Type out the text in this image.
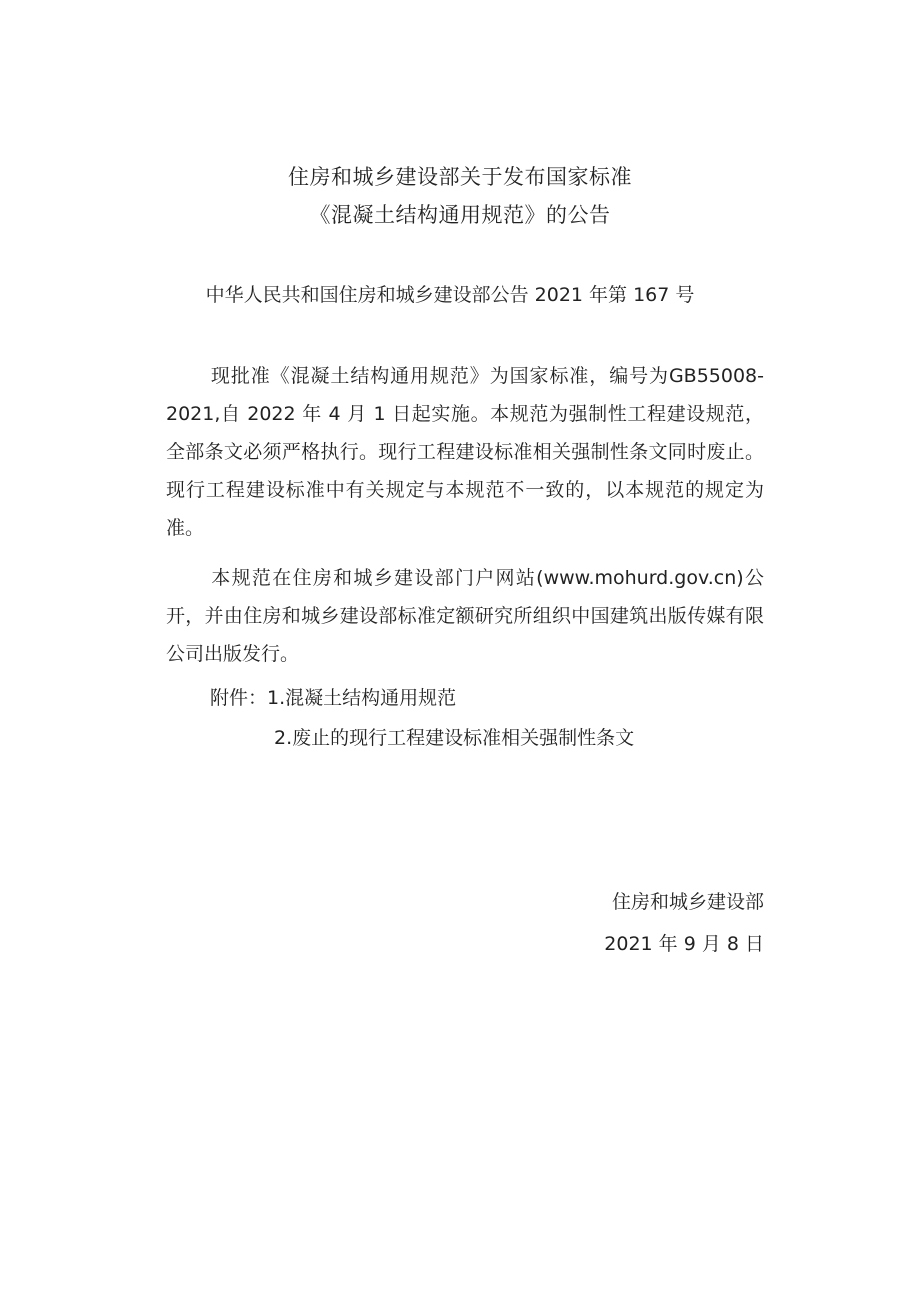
住房和城乡建设部关于发布国家标准
《混凝土结构通用规范》的公告
中华人民共和国住房和城乡建设部公告 2021 年第 167 号
现批准《混凝土结构通用规范》为国家标准，编号为GB55008-2021,自 2022 年 4 月 1 日起实施。本规范为强制性工程建设规范，全部条文必须严格执行。现行工程建设标准相关强制性条文同时废止。现行工程建设标准中有关规定与本规范不一致的，以本规范的规定为准。
本规范在住房和城乡建设部门户网站(www.mohurd.gov.cn)公开，并由住房和城乡建设部标准定额研究所组织中国建筑出版传媒有限公司出版发行。
附件：1.混凝土结构通用规范
2.废止的现行工程建设标准相关强制性条文
住房和城乡建设部
2021 年 9 月 8 日
